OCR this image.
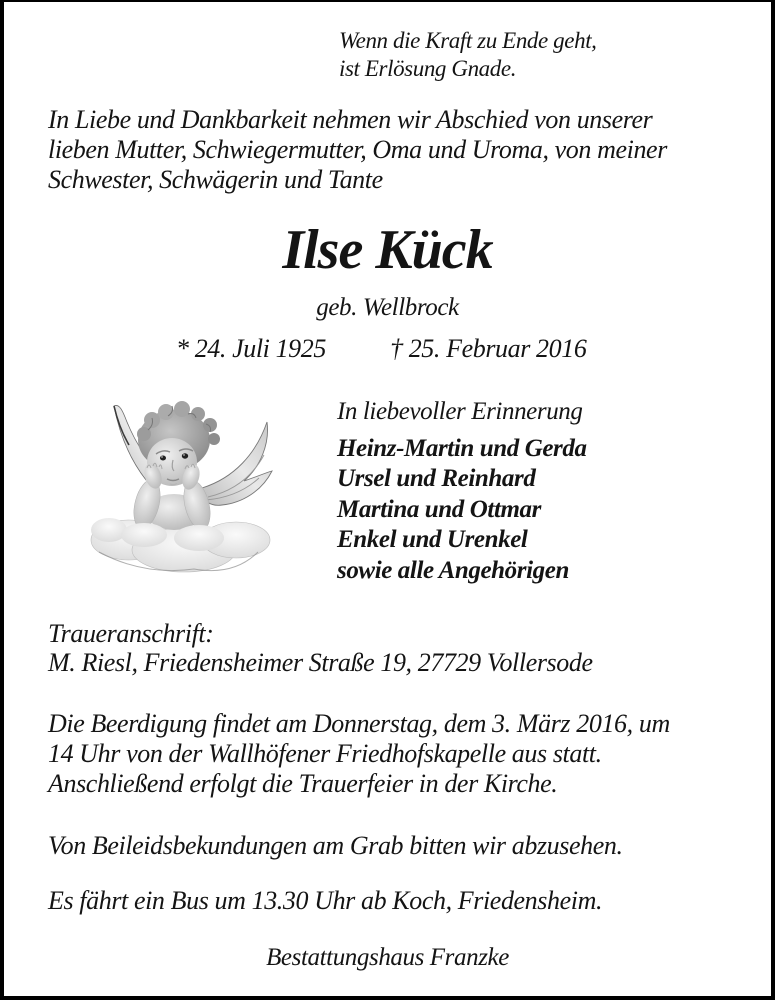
Wenn die Kraft zu Ende geht,
ist Erlösung Gnade.
In Liebe und Dankbarkeit nehmen wir Abschied von unserer
lieben Mutter, Schwiegermutter, Oma und Uroma, von meiner
Schwester, Schwägerin und Tante
Ilse Kück
geb. Wellbrock
* 24. Juli 1925 † 25. Februar 2016
In liebevoller Erinnerung
Heinz-Martin und Gerda
Ursel und Reinhard
Martina und Ottmar
Enkel und Urenkel
sowie alle Angehörigen
Traueranschrift:
M. Riesl, Friedensheimer Straße 19, 27729 Vollersode
Die Beerdigung findet am Donnerstag, dem 3. März 2016, um
14 Uhr von der Wallhöfener Friedhofskapelle aus statt.
Anschließend erfolgt die Trauerfeier in der Kirche.
Von Beileidsbekundungen am Grab bitten wir abzusehen.
Es fährt ein Bus um 13.30 Uhr ab Koch, Friedensheim.
Bestattungshaus Franzke
